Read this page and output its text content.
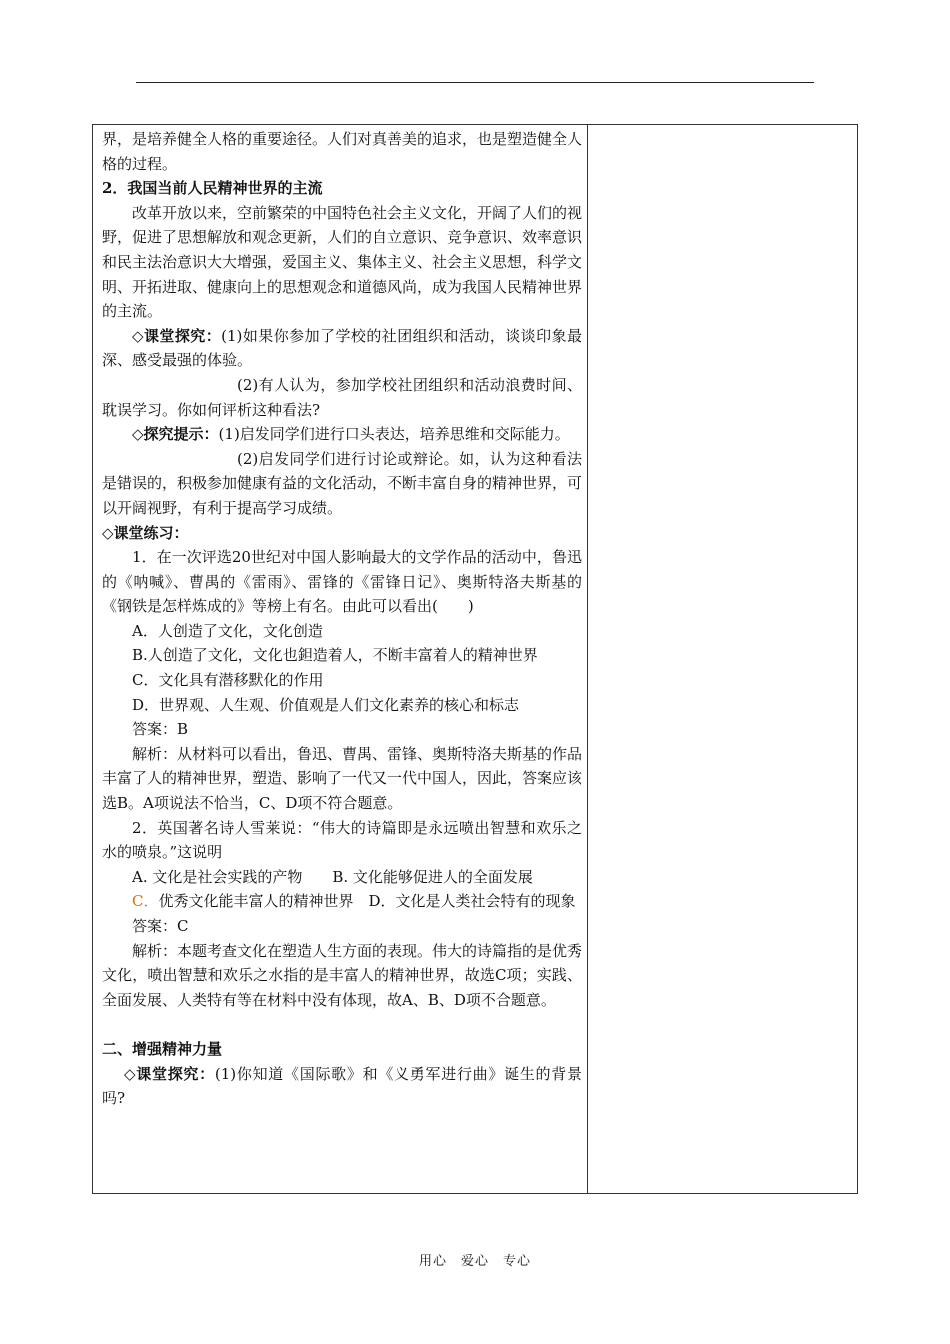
界，是培养健全人格的重要途径。人们对真善美的追求，也是塑造健全人格的过程。

2．我国当前人民精神世界的主流

改革开放以来，空前繁荣的中国特色社会主义文化，开阔了人们的视野，促进了思想解放和观念更新，人们的自立意识、竞争意识、效率意识和民主法治意识大大增强，爱国主义、集体主义、社会主义思想，科学文明、开拓进取、健康向上的思想观念和道德风尚，成为我国人民精神世界的主流。

◇课堂探究：(1)如果你参加了学校的社团组织和活动，谈谈印象最深、感受最强的体验。

(2)有人认为，参加学校社团组织和活动浪费时间、耽误学习。你如何评析这种看法?

◇探究提示：(1)启发同学们进行口头表达，培养思维和交际能力。

(2)启发同学们进行讨论或辩论。如，认为这种看法是错误的，积极参加健康有益的文化活动，不断丰富自身的精神世界，可以开阔视野，有利于提高学习成绩。

◇课堂练习：

1．在一次评选20世纪对中国人影响最大的文学作品的活动中，鲁迅的《呐喊》、曹禺的《雷雨》、雷锋的《雷锋日记》、奥斯特洛夫斯基的《钢铁是怎样炼成的》等榜上有名。由此可以看出(　　)

A．人创造了文化，文化创造

B.人创造了文化，文化也鉭造着人，不断丰富着人的精神世界

C．文化具有潜移默化的作用

D．世界观、人生观、价值观是人们文化素养的核心和标志

答案：B

解析：从材料可以看出，鲁迅、曹禺、雷锋、奥斯特洛夫斯基的作品丰富了人的精神世界，塑造、影响了一代又一代中国人，因此，答案应该选B。A项说法不恰当，C、D项不符合题意。

2．英国著名诗人雪莱说：“伟大的诗篇即是永远喷出智慧和欢乐之水的喷泉。”这说明

A. 文化是社会实践的产物　　B. 文化能够促进人的全面发展

C．优秀文化能丰富人的精神世界　D．文化是人类社会特有的现象

答案：C

解析：本题考查文化在塑造人生方面的表现。伟大的诗篇指的是优秀文化，喷出智慧和欢乐之水指的是丰富人的精神世界，故选C项；实践、全面发展、人类特有等在材料中没有体现，故A、B、D项不合题意。

二、增强精神力量

◇课堂探究：(1)你知道《国际歌》和《义勇军进行曲》诞生的背景吗?

用心　爱心　专心
